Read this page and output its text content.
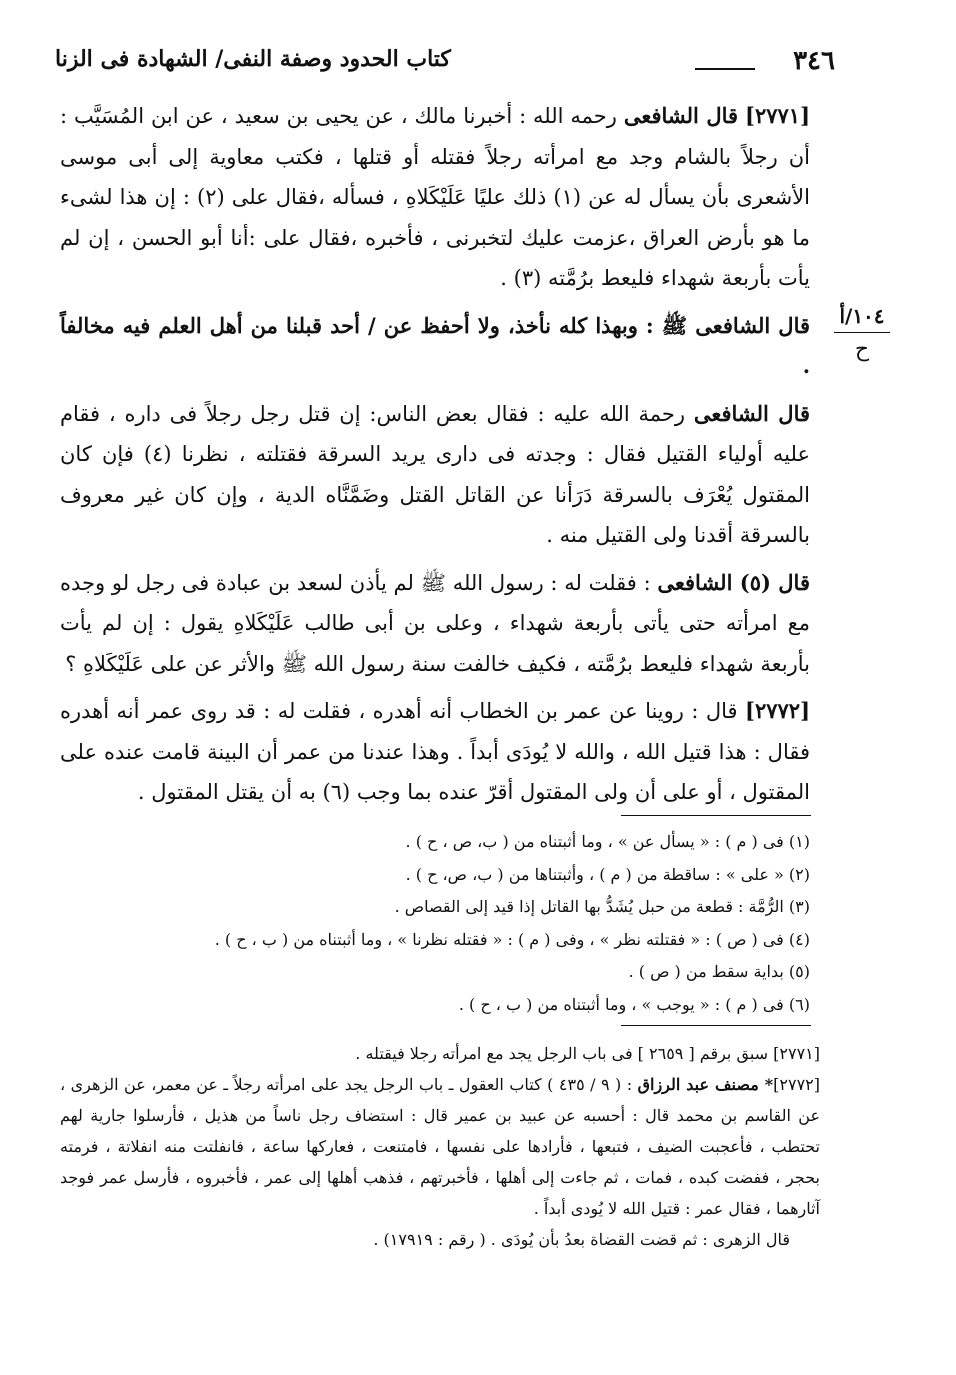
٣٤٦
كتاب الحدود وصفة النفى/ الشهادة فى الزنا
١٠٤/أ
ح

[٢٧٧١] قال الشافعى رحمه الله : أخبرنا مالك ، عن يحيى بن سعيد ، عن ابن المُسَيَّب : أن رجلاً بالشام وجد مع امرأته رجلاً فقتله أو قتلها ، فكتب معاوية إلى أبى موسى الأشعرى بأن يسأل له عن (١) ذلك عليًا عَلَيْكَلاهِ ، فسأله ،فقال على (٢) : إن هذا لشىء ما هو بأرض العراق ،عزمت عليك لتخبرنى ، فأخبره ،فقال على :أنا أبو الحسن ، إن لم يأت بأربعة شهداء فليعط برُمَّته (٣) .

قال الشافعى ﷺ : وبهذا كله نأخذ، ولا أحفظ عن / أحد قبلنا من أهل العلم فيه مخالفاً .

قال الشافعى رحمة الله عليه : فقال بعض الناس: إن قتل رجل رجلاً فى داره ، فقام عليه أولياء القتيل فقال : وجدته فى دارى يريد السرقة فقتلته ، نظرنا (٤) فإن كان المقتول يُعْرَف بالسرقة دَرَأنا عن القاتل القتل وضَمَّنَّاه الدية ، وإن كان غير معروف بالسرقة أقدنا ولى القتيل منه .

قال (٥) الشافعى : فقلت له : رسول الله ﷺ لم يأذن لسعد بن عبادة فى رجل لو وجده مع امرأته حتى يأتى بأربعة شهداء ، وعلى بن أبى طالب عَلَيْكَلاهِ يقول : إن لم يأت بأربعة شهداء فليعط برُمَّته ، فكيف خالفت سنة رسول الله ﷺ والأثر عن على عَلَيْكَلاهِ ؟

[٢٧٧٢] قال : روينا عن عمر بن الخطاب أنه أهدره ، فقلت له : قد روى عمر أنه أهدره فقال : هذا قتيل الله ، والله لا يُودَى أبداً . وهذا عندنا من عمر أن البينة قامت عنده على المقتول ، أو على أن ولى المقتول أقرّ عنده بما وجب (٦) به أن يقتل المقتول .

(١) فى ( م ) : « يسأل عن » ، وما أثبتناه من ( ب، ص ، ح ) .
(٢) « على » : ساقطة من ( م ) ، وأثبتناها من ( ب، ص، ح ) .
(٣) الرُّمَّة : قطعة من حبل يُشَدُّ بها القاتل إذا قيد إلى القصاص .
(٤) فى ( ص ) : « فقتلته نظر » ، وفى ( م ) : « فقتله نظرنا » ، وما أثبتناه من ( ب ، ح ) .
(٥) بداية سقط من ( ص ) .
(٦) فى ( م ) : « يوجب » ، وما أثبتناه من ( ب ، ح ) .
[٢٧٧١] سبق برقم [ ٢٦٥٩ ] فى باب الرجل يجد مع امرأته رجلا فيقتله .
[٢٧٧٢]* مصنف عبد الرزاق : ( ٩ / ٤٣٥ ) كتاب العقول ـ باب الرجل يجد على امرأته رجلاً ـ عن معمر، عن الزهرى ، عن القاسم بن محمد قال : أحسبه عن عبيد بن عمير قال : استضاف رجل ناساً من هذيل ، فأرسلوا جارية لهم تحتطب ، فأعجبت الضيف ، فتبعها ، فأرادها على نفسها ، فامتنعت ، فعاركها ساعة ، فانفلتت منه انفلاتة ، فرمته بحجر ، ففضت كبده ، فمات ، ثم جاءت إلى أهلها ، فأخبرتهم ، فذهب أهلها إلى عمر ، فأخبروه ، فأرسل عمر فوجد آثارهما ، فقال عمر : قتيل الله لا يُودى أبداً .
قال الزهرى : ثم قضت القضاة بعدُ بأن يُودَى . ( رقم : ١٧٩١٩) .
